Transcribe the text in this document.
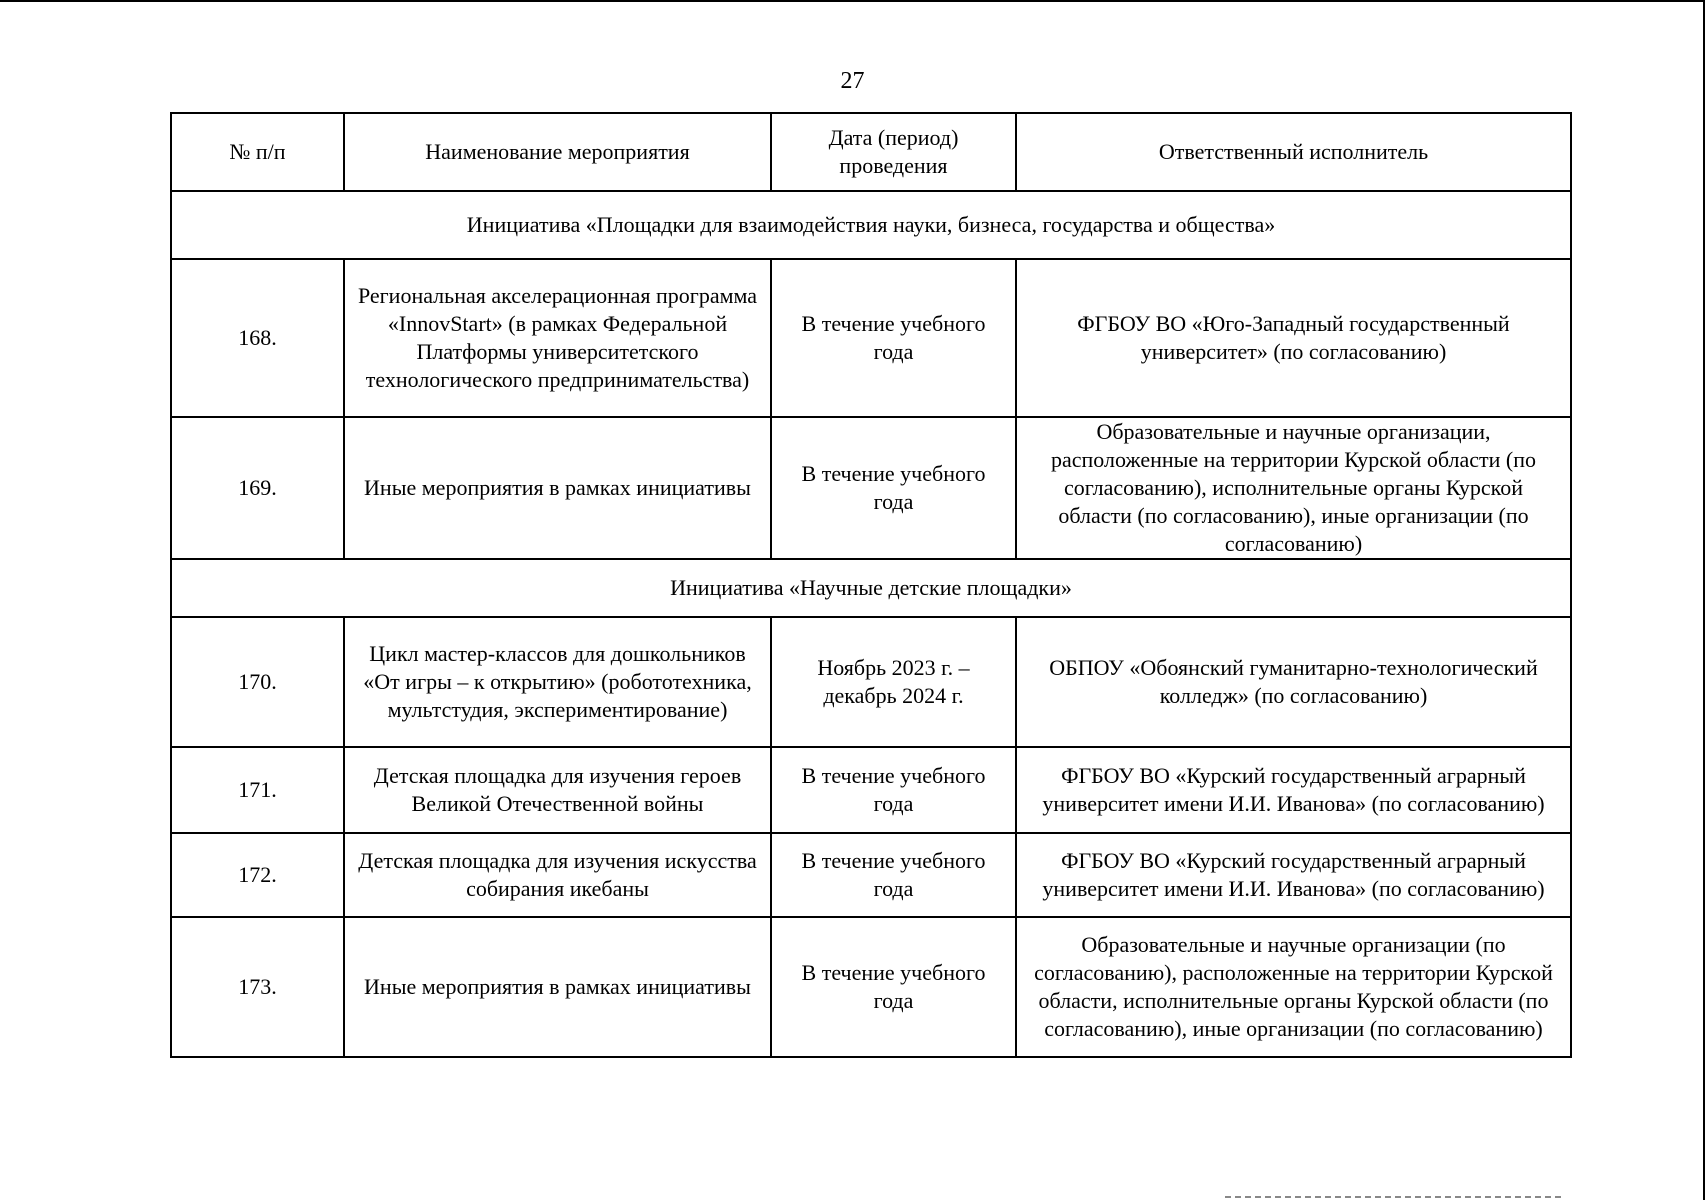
27
№ п/п	Наименование мероприятия	Дата (период) проведения	Ответственный исполнитель
Инициатива «Площадки для взаимодействия науки, бизнеса, государства и общества»			
168.	Региональная акселерационная программа «InnovStart» (в рамках Федеральной Платформы университетского технологического предпринимательства)	В течение учебного года	ФГБОУ ВО «Юго-Западный государственный университет» (по согласованию)
169.	Иные мероприятия в рамках инициативы	В течение учебного года	Образовательные и научные организации, расположенные на территории Курской области (по согласованию), исполнительные органы Курской области (по согласованию), иные организации (по согласованию)
Инициатива «Научные детские площадки»			
170.	Цикл мастер-классов для дошкольников «От игры – к открытию» (робототехника, мультстудия, экспериментирование)	Ноябрь 2023 г. – декабрь 2024 г.	ОБПОУ «Обоянский гуманитарно-технологический колледж» (по согласованию)
171.	Детская площадка для изучения героев Великой Отечественной войны	В течение учебного года	ФГБОУ ВО «Курский государственный аграрный университет имени И.И. Иванова» (по согласованию)
172.	Детская площадка для изучения искусства собирания икебаны	В течение учебного года	ФГБОУ ВО «Курский государственный аграрный университет имени И.И. Иванова» (по согласованию)
173.	Иные мероприятия в рамках инициативы	В течение учебного года	Образовательные и научные организации (по согласованию), расположенные на территории Курской области, исполнительные органы Курской области (по согласованию), иные организации (по согласованию)
